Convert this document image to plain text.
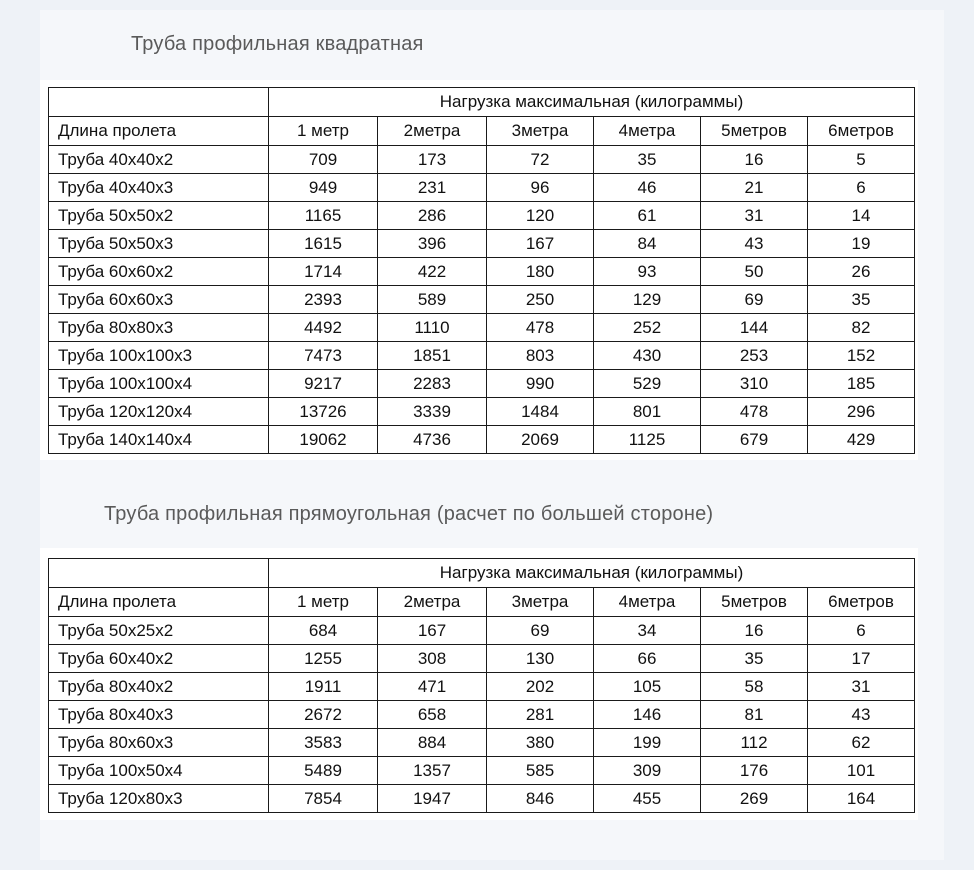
Труба профильная квадратная
	Нагрузка максимальная (килограммы)					
Длина пролета	1 метр	2метра	3метра	4метра	5метров	6метров
Труба 40х40х2	709	173	72	35	16	5
Труба 40х40х3	949	231	96	46	21	6
Труба 50х50х2	1165	286	120	61	31	14
Труба 50х50х3	1615	396	167	84	43	19
Труба 60х60х2	1714	422	180	93	50	26
Труба 60х60х3	2393	589	250	129	69	35
Труба 80х80х3	4492	1110	478	252	144	82
Труба 100х100х3	7473	1851	803	430	253	152
Труба 100х100х4	9217	2283	990	529	310	185
Труба 120х120х4	13726	3339	1484	801	478	296
Труба 140х140х4	19062	4736	2069	1125	679	429
Труба профильная прямоугольная (расчет по большей стороне)
	Нагрузка максимальная (килограммы)					
Длина пролета	1 метр	2метра	3метра	4метра	5метров	6метров
Труба 50х25х2	684	167	69	34	16	6
Труба 60х40х2	1255	308	130	66	35	17
Труба 80х40х2	1911	471	202	105	58	31
Труба 80х40х3	2672	658	281	146	81	43
Труба 80х60х3	3583	884	380	199	112	62
Труба 100х50х4	5489	1357	585	309	176	101
Труба 120х80х3	7854	1947	846	455	269	164
